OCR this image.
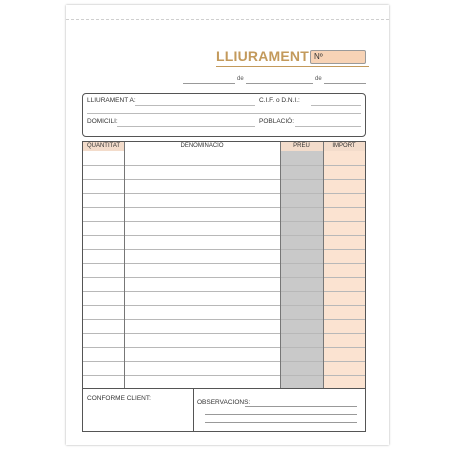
LLIURAMENT Nº
de	de
LLIURAMENT A:	C.I.F. o D.N.I.:
DOMICILI:	POBLACIÓ:
QUANTITAT	DENOMINACIÓ	PREU	IMPORT
CONFORME CLIENT:
OBSERVACIONS:
